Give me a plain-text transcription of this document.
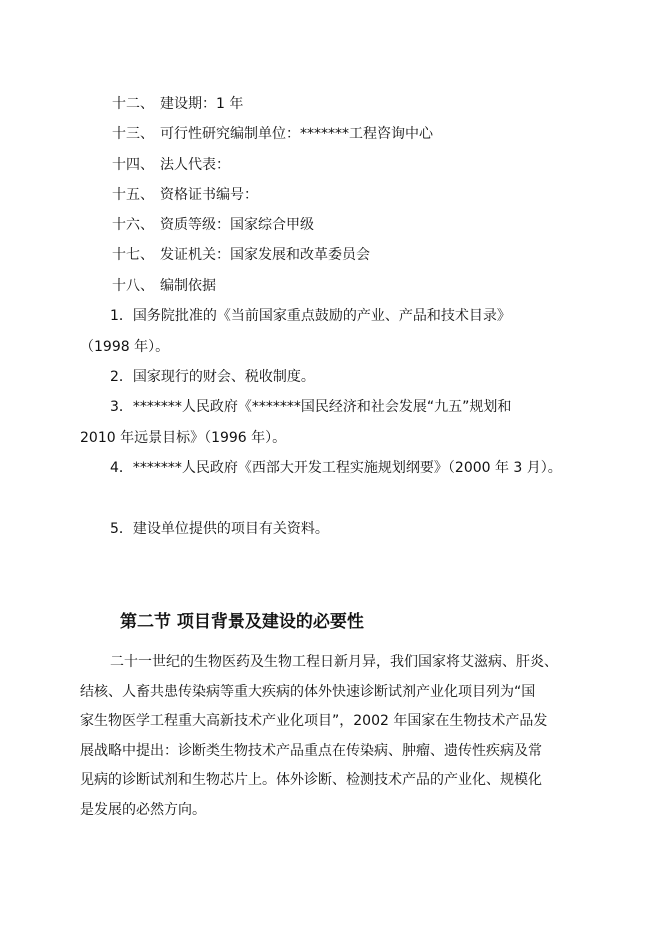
十二、 建设期：1 年
十三、 可行性研究编制单位：*******工程咨询中心
十四、 法人代表：
十五、 资格证书编号：
十六、 资质等级：国家综合甲级
十七、 发证机关：国家发展和改革委员会
十八、 编制依据
1．国务院批准的《当前国家重点鼓励的产业、产品和技术目录》
（1998 年）。
2．国家现行的财会、税收制度。
3．*******人民政府《*******国民经济和社会发展“九五”规划和
2010 年远景目标》（1996 年）。
4．*******人民政府《西部大开发工程实施规划纲要》（2000 年 3 月）。
5．建设单位提供的项目有关资料。
第二节 项目背景及建设的必要性

二十一世纪的生物医药及生物工程日新月异，我们国家将艾滋病、肝炎、

结核、人畜共患传染病等重大疾病的体外快速诊断试剂产业化项目列为“国

家生物医学工程重大高新技术产业化项目”，2002 年国家在生物技术产品发

展战略中提出：诊断类生物技术产品重点在传染病、肿瘤、遗传性疾病及常

见病的诊断试剂和生物芯片上。体外诊断、检测技术产品的产业化、规模化

是发展的必然方向。
